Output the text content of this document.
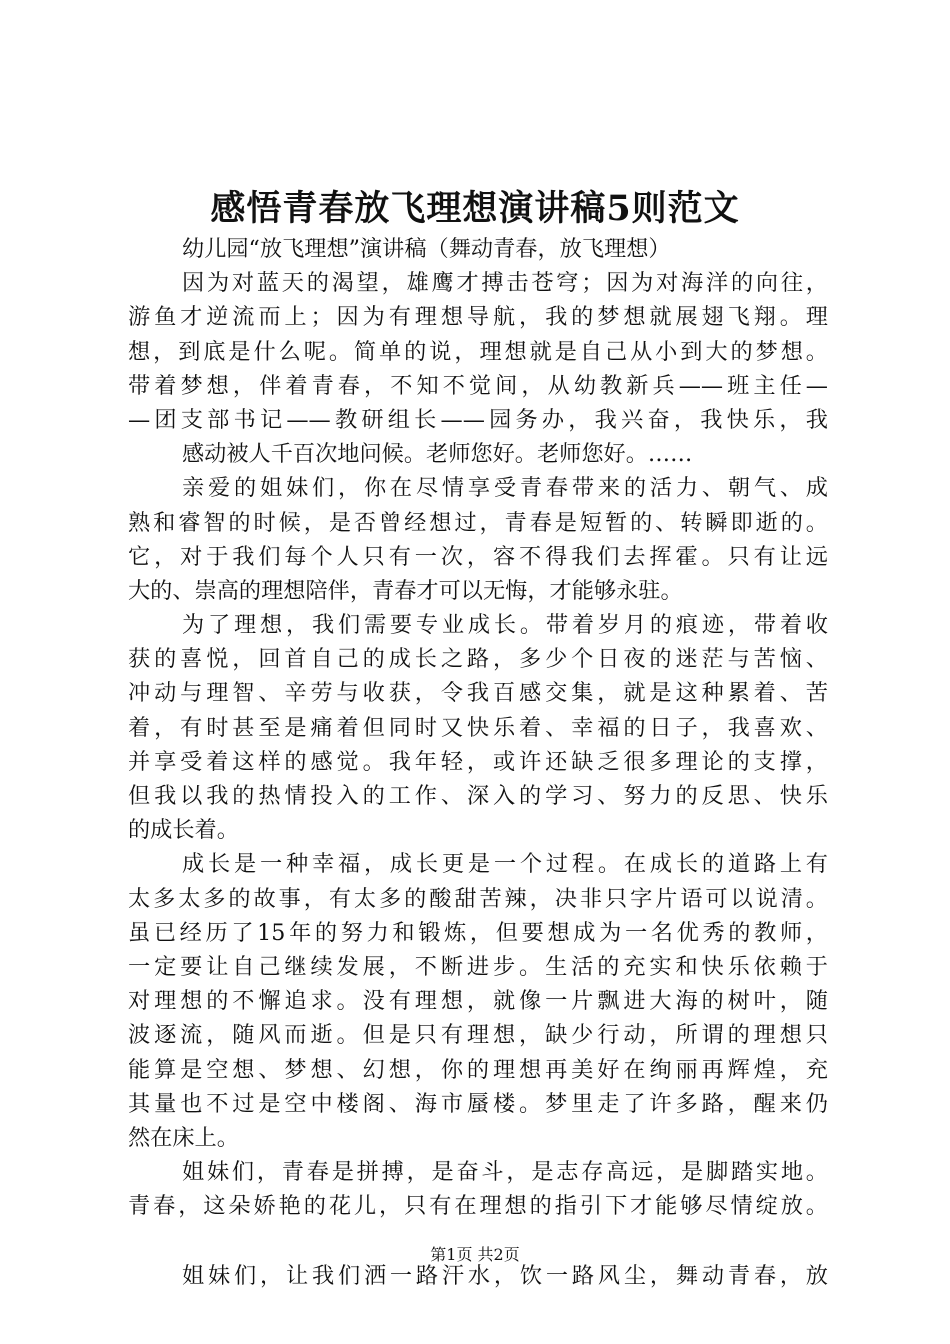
感悟青春放飞理想演讲稿5则范文
幼儿园“放飞理想”演讲稿（舞动青春，放飞理想）
因为对蓝天的渴望，雄鹰才搏击苍穹；因为对海洋的向往，
游鱼才逆流而上；因为有理想导航，我的梦想就展翅飞翔。理
想，到底是什么呢。简单的说，理想就是自己从小到大的梦想。
带着梦想，伴着青春，不知不觉间，从幼教新兵——班主任—
—团支部书记——教研组长——园务办，我兴奋，我快乐，我
感动被人千百次地问候。老师您好。老师您好。……
亲爱的姐妹们，你在尽情享受青春带来的活力、朝气、成
熟和睿智的时候，是否曾经想过，青春是短暂的、转瞬即逝的。
它，对于我们每个人只有一次，容不得我们去挥霍。只有让远
大的、崇高的理想陪伴，青春才可以无悔，才能够永驻。
为了理想，我们需要专业成长。带着岁月的痕迹，带着收
获的喜悦，回首自己的成长之路，多少个日夜的迷茫与苦恼、
冲动与理智、辛劳与收获，令我百感交集，就是这种累着、苦
着，有时甚至是痛着但同时又快乐着、幸福的日子，我喜欢、
并享受着这样的感觉。我年轻，或许还缺乏很多理论的支撑，
但我以我的热情投入的工作、深入的学习、努力的反思、快乐
的成长着。
成长是一种幸福，成长更是一个过程。在成长的道路上有
太多太多的故事，有太多的酸甜苦辣，决非只字片语可以说清。
虽已经历了15年的努力和锻炼，但要想成为一名优秀的教师，
一定要让自己继续发展，不断进步。生活的充实和快乐依赖于
对理想的不懈追求。没有理想，就像一片飘进大海的树叶，随
波逐流，随风而逝。但是只有理想，缺少行动，所谓的理想只
能算是空想、梦想、幻想，你的理想再美好在绚丽再辉煌，充
其量也不过是空中楼阁、海市蜃楼。梦里走了许多路，醒来仍
然在床上。
姐妹们，青春是拼搏，是奋斗，是志存高远，是脚踏实地。
青春，这朵娇艳的花儿，只有在理想的指引下才能够尽情绽放。
姐妹们，让我们洒一路汗水，饮一路风尘，舞动青春，放
第1页 共2页
